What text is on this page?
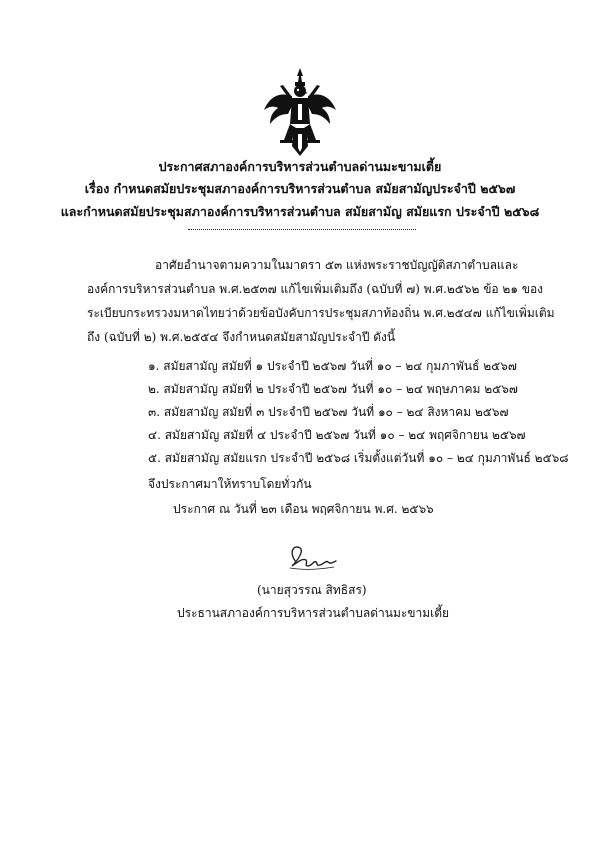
ประกาศสภาองค์การบริหารส่วนตำบลด่านมะขามเตี้ย
เรื่อง กำหนดสมัยประชุมสภาองค์การบริหารส่วนตำบล สมัยสามัญประจำปี ๒๕๖๗
และกำหนดสมัยประชุมสภาองค์การบริหารส่วนตำบล สมัยสามัญ สมัยแรก ประจำปี ๒๕๖๘
อาศัยอำนาจตามความในมาตรา ๕๓ แห่งพระราชบัญญัติสภาตำบลและ
องค์การบริหารส่วนตำบล พ.ศ.๒๕๓๗ แก้ไขเพิ่มเติมถึง (ฉบับที่ ๗) พ.ศ.๒๕๖๒ ข้อ ๒๑ ของ
ระเบียบกระทรวงมหาดไทยว่าด้วยข้อบังคับการประชุมสภาท้องถิ่น พ.ศ.๒๕๔๗ แก้ไขเพิ่มเติม
ถึง (ฉบับที่ ๒) พ.ศ.๒๕๕๔ จึงกำหนดสมัยสามัญประจำปี ดังนี้
๑. สมัยสามัญ สมัยที่ ๑ ประจำปี ๒๕๖๗ วันที่ ๑๐ – ๒๔ กุมภาพันธ์ ๒๕๖๗
๒. สมัยสามัญ สมัยที่ ๒ ประจำปี ๒๕๖๗ วันที่ ๑๐ – ๒๔ พฤษภาคม ๒๕๖๗
๓. สมัยสามัญ สมัยที่ ๓ ประจำปี ๒๕๖๗ วันที่ ๑๐ – ๒๔ สิงหาคม ๒๕๖๗
๔. สมัยสามัญ สมัยที่ ๔ ประจำปี ๒๕๖๗ วันที่ ๑๐ – ๒๔ พฤศจิกายน ๒๕๖๗
๕. สมัยสามัญ สมัยแรก ประจำปี ๒๕๖๘ เริ่มตั้งแต่วันที่ ๑๐ – ๒๔ กุมภาพันธ์ ๒๕๖๘
จึงประกาศมาให้ทราบโดยทั่วกัน
ประกาศ ณ วันที่ ๒๓ เดือน พฤศจิกายน พ.ศ. ๒๕๖๖
(นายสุวรรณ สิทธิสร)
ประธานสภาองค์การบริหารส่วนตำบลด่านมะขามเตี้ย
